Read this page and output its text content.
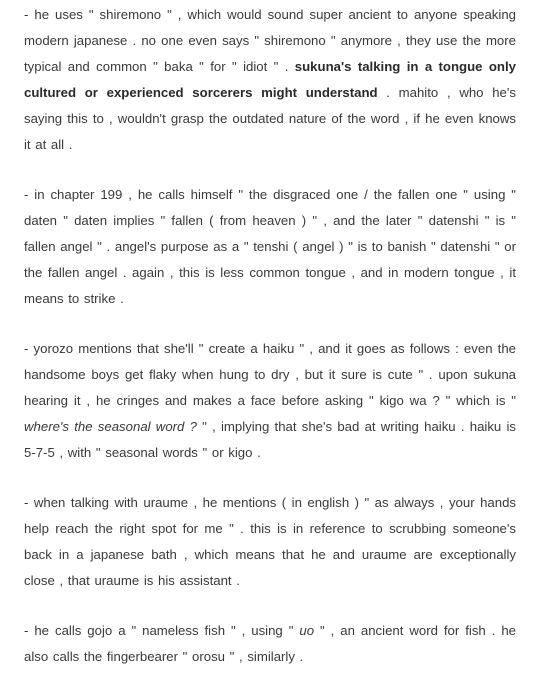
- he uses " shiremono " , which would sound super ancient to anyone speaking modern japanese . no one even says " shiremono " anymore , they use the more typical and common " baka " for " idiot " . sukuna's talking in a tongue only cultured or experienced sorcerers might understand . mahito , who he's saying this to , wouldn't grasp the outdated nature of the word , if he even knows it at all .

- in chapter 199 , he calls himself " the disgraced one / the fallen one " using " daten " daten implies " fallen ( from heaven ) " , and the later " datenshi " is " fallen angel " . angel's purpose as a " tenshi ( angel ) " is to banish " datenshi " or the fallen angel . again , this is less common tongue , and in modern tongue , it means to strike .

- yorozo mentions that she'll " create a haiku " , and it goes as follows : even the handsome boys get flaky when hung to dry , but it sure is cute " . upon sukuna hearing it , he cringes and makes a face before asking " kigo wa ? " which is " where's the seasonal word ? " , implying that she's bad at writing haiku . haiku is 5-7-5 , with " seasonal words " or kigo .

- when talking with uraume , he mentions ( in english ) " as always , your hands help reach the right spot for me " . this is in reference to scrubbing someone's back in a japanese bath , which means that he and uraume are exceptionally close , that uraume is his assistant .

- he calls gojo a " nameless fish " , using " uo " , an ancient word for fish . he also calls the fingerbearer " orosu " , similarly .
